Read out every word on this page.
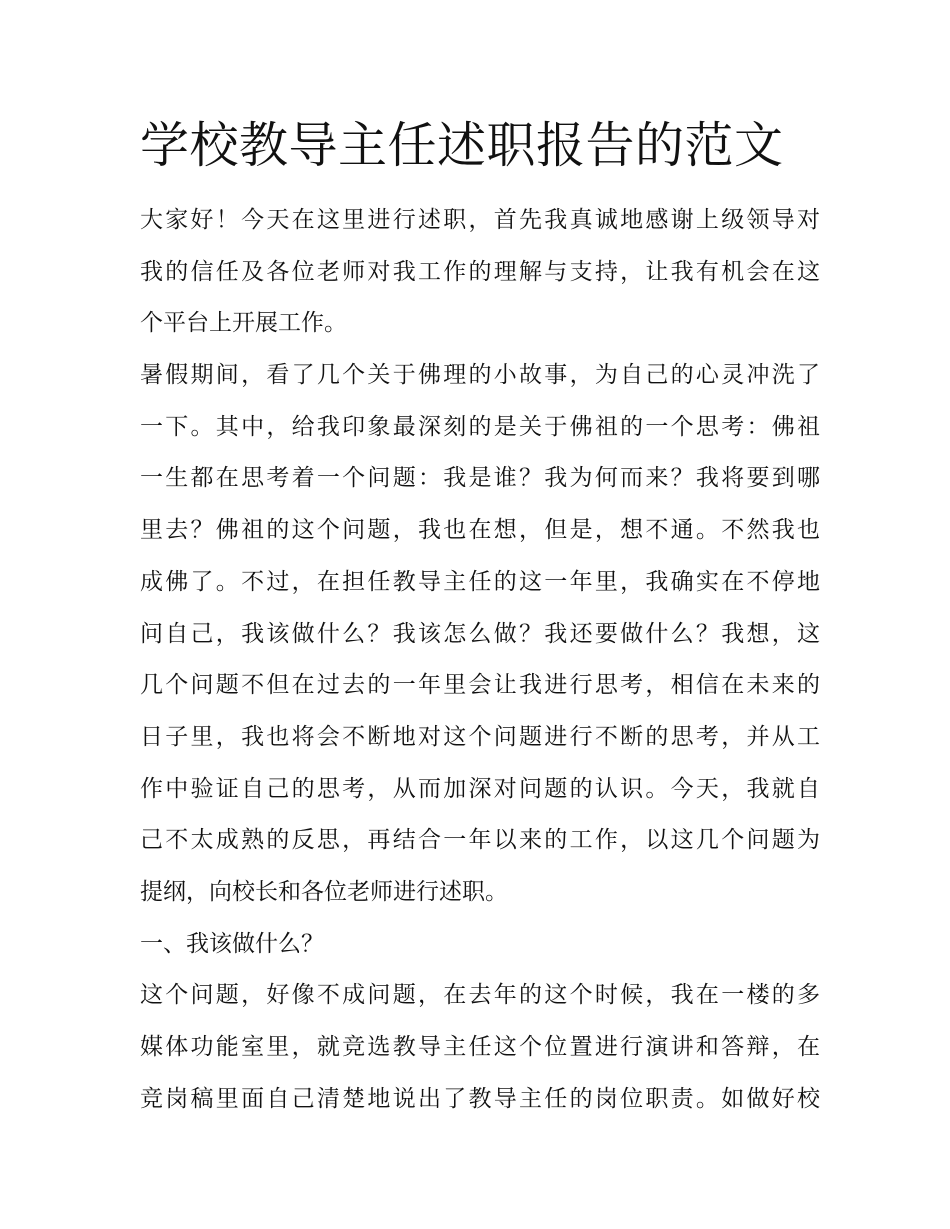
学校教导主任述职报告的范文
大家好！今天在这里进行述职，首先我真诚地感谢上级领导对
我的信任及各位老师对我工作的理解与支持，让我有机会在这
个平台上开展工作。
暑假期间，看了几个关于佛理的小故事，为自己的心灵冲洗了
一下。其中，给我印象最深刻的是关于佛祖的一个思考：佛祖
一生都在思考着一个问题：我是谁？我为何而来？我将要到哪
里去？佛祖的这个问题，我也在想，但是，想不通。不然我也
成佛了。不过，在担任教导主任的这一年里，我确实在不停地
问自己，我该做什么？我该怎么做？我还要做什么？我想，这
几个问题不但在过去的一年里会让我进行思考，相信在未来的
日子里，我也将会不断地对这个问题进行不断的思考，并从工
作中验证自己的思考，从而加深对问题的认识。今天，我就自
己不太成熟的反思，再结合一年以来的工作，以这几个问题为
提纲，向校长和各位老师进行述职。
一、我该做什么？
这个问题，好像不成问题，在去年的这个时候，我在一楼的多
媒体功能室里，就竞选教导主任这个位置进行演讲和答辩，在
竞岗稿里面自己清楚地说出了教导主任的岗位职责。如做好校
